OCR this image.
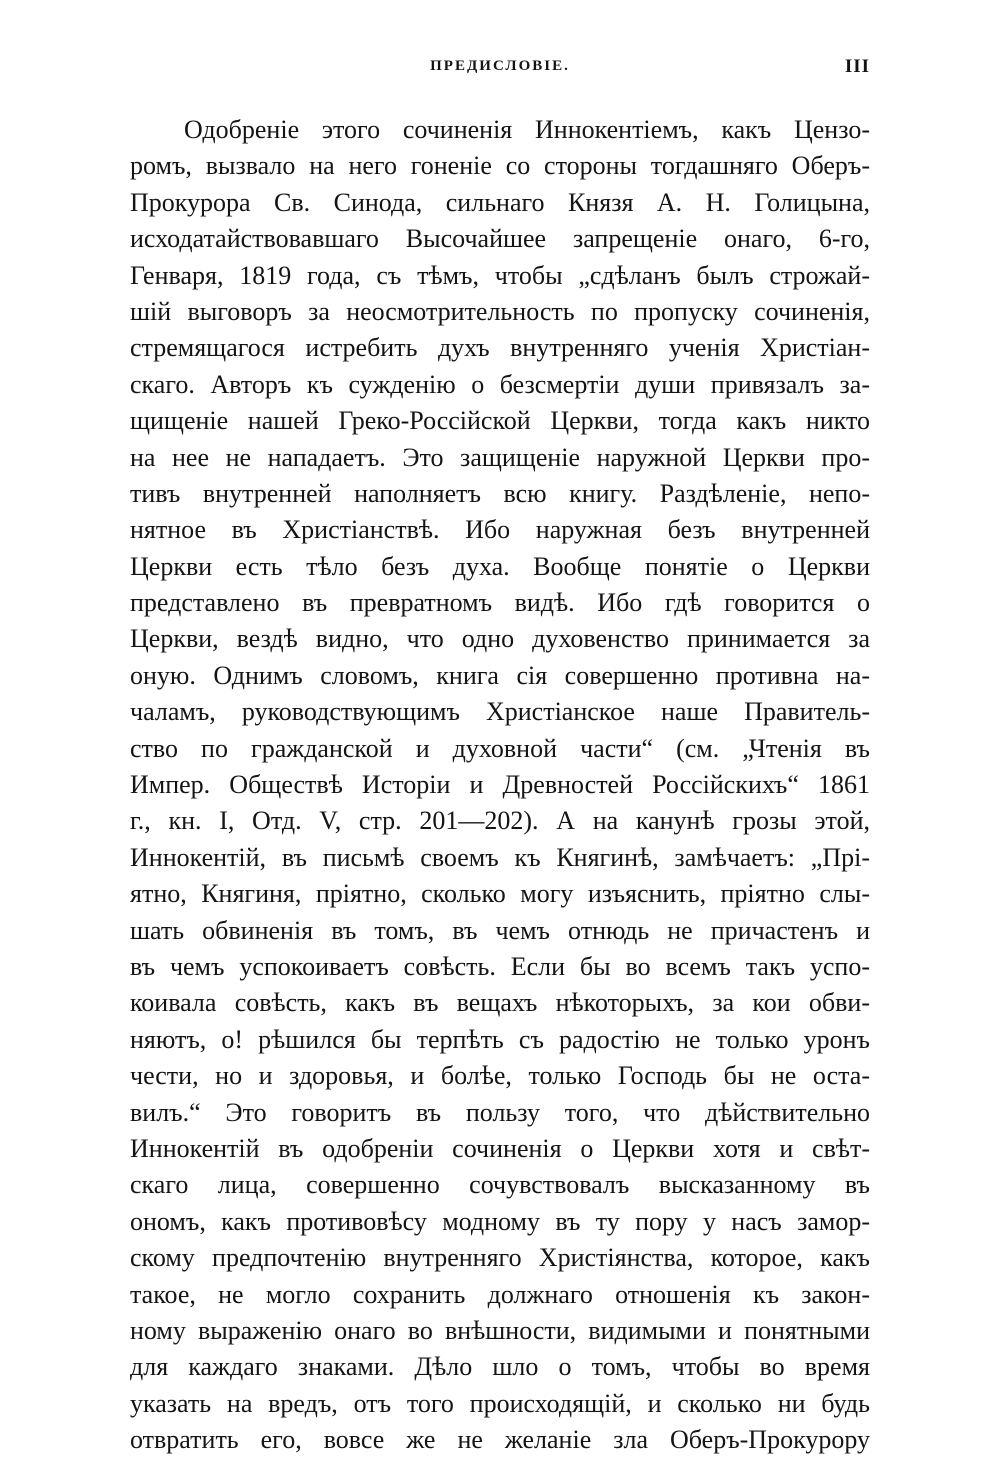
ПРЕДИСЛОВIЕ.	III
Одобренiе этого сочиненiя Иннокентiемъ, какъ Цензо-
ромъ, вызвало на него гоненiе со стороны тогдашняго Оберъ-
Прокурора Св. Синода, сильнаго Князя А. Н. Голицына,
исходатайствовавшаго Высочайшее запрещенiе онаго, 6-го,
Генваря, 1819 года, съ тѣмъ, чтобы „сдѣланъ былъ строжай-
шiй выговоръ за неосмотрительность по пропуску сочиненiя,
стремящагося истребить духъ внутренняго ученiя Христiан-
скаго. Авторъ къ сужденiю о безсмертiи души привязалъ за-
щищенiе нашей Греко-Россiйской Церкви, тогда какъ никто
на нее не нападаетъ. Это защищенiе наружной Церкви про-
тивъ внутренней наполняетъ всю книгу. Раздѣленiе, непо-
нятное въ Христiанствѣ. Ибо наружная безъ внутренней
Церкви есть тѣло безъ духа. Вообще понятiе о Церкви
представлено въ превратномъ видѣ. Ибо гдѣ говорится о
Церкви, вездѣ видно, что одно духовенство принимается за
оную. Однимъ словомъ, книга сiя совершенно противна на-
чаламъ, руководствующимъ Христiанское наше Правитель-
ство по гражданской и духовной части“ (см. „Чтенiя въ
Импер. Обществѣ Исторiи и Древностей Россiйскихъ“ 1861
г., кн. I, Отд. V, стр. 201—202). А на канунѣ грозы этой,
Иннокентiй, въ письмѣ своемъ къ Княгинѣ, замѣчаетъ: „Прi-
ятно, Княгиня, прiятно, сколько могу изъяснить, прiятно слы-
шать обвиненiя въ томъ, въ чемъ отнюдь не причастенъ и
въ чемъ успокоиваетъ совѣсть. Если бы во всемъ такъ успо-
коивала совѣсть, какъ въ вещахъ нѣкоторыхъ, за кои обви-
няютъ, о! рѣшился бы терпѣть съ радостiю не только уронъ
чести, но и здоровья, и болѣе, только Господь бы не оста-
вилъ.“ Это говоритъ въ пользу того, что дѣйствительно
Иннокентiй въ одобренiи сочиненiя о Церкви хотя и свѣт-
скаго лица, совершенно сочувствовалъ высказанному въ
ономъ, какъ противовѣсу модному въ ту пору у насъ замор-
скому предпочтенiю внутренняго Христiянства, которое, какъ
такое, не могло сохранить должнаго отношенiя къ закон-
ному выраженiю онаго во внѣшности, видимыми и понятными
для каждаго знаками. Дѣло шло о томъ, чтобы во время
указать на вредъ, отъ того происходящiй, и сколько ни будь
отвратить его, вовсе же не желанiе зла Оберъ-Прокурору
